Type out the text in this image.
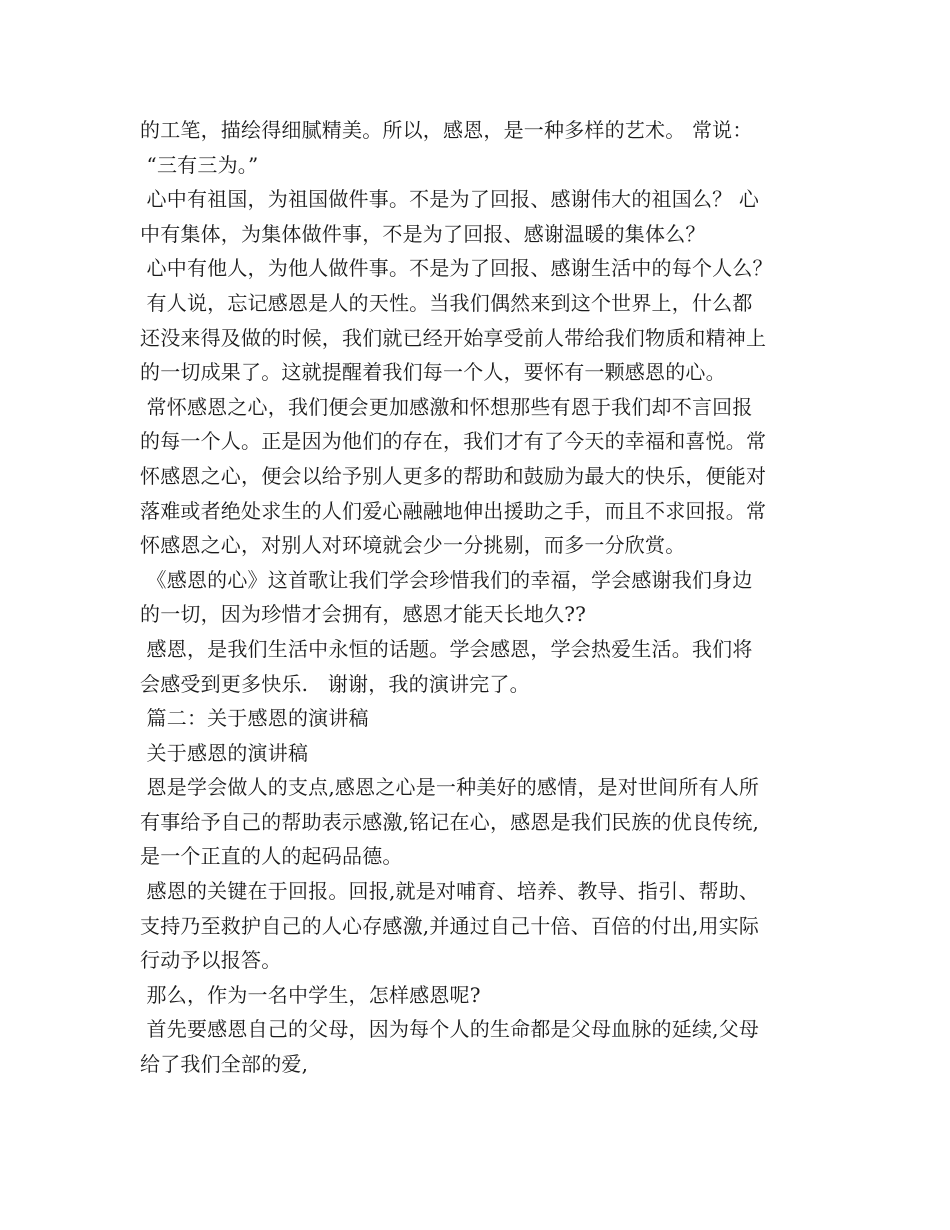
的工笔，描绘得细腻精美。所以，感恩，是一种多样的艺术。 常说：
“三有三为。”
心中有祖国，为祖国做件事。不是为了回报、感谢伟大的祖国么？ 心
中有集体，为集体做件事，不是为了回报、感谢温暖的集体么？
心中有他人，为他人做件事。不是为了回报、感谢生活中的每个人么？
有人说，忘记感恩是人的天性。当我们偶然来到这个世界上，什么都
还没来得及做的时候，我们就已经开始享受前人带给我们物质和精神上
的一切成果了。这就提醒着我们每一个人，要怀有一颗感恩的心。
常怀感恩之心，我们便会更加感激和怀想那些有恩于我们却不言回报
的每一个人。正是因为他们的存在，我们才有了今天的幸福和喜悦。常
怀感恩之心，便会以给予别人更多的帮助和鼓励为最大的快乐，便能对
落难或者绝处求生的人们爱心融融地伸出援助之手，而且不求回报。常
怀感恩之心，对别人对环境就会少一分挑剔，而多一分欣赏。
《感恩的心》这首歌让我们学会珍惜我们的幸福，学会感谢我们身边
的一切，因为珍惜才会拥有，感恩才能天长地久??
感恩，是我们生活中永恒的话题。学会感恩，学会热爱生活。我们将
会感受到更多快乐.   谢谢，我的演讲完了。
篇二：关于感恩的演讲稿
关于感恩的演讲稿
恩是学会做人的支点,感恩之心是一种美好的感情，是对世间所有人所
有事给予自己的帮助表示感激,铭记在心，感恩是我们民族的优良传统,
是一个正直的人的起码品德。
感恩的关键在于回报。回报,就是对哺育、培养、教导、指引、帮助、
支持乃至救护自己的人心存感激,并通过自己十倍、百倍的付出,用实际
行动予以报答。
那么，作为一名中学生，怎样感恩呢?
首先要感恩自己的父母，因为每个人的生命都是父母血脉的延续,父母
给了我们全部的爱,
